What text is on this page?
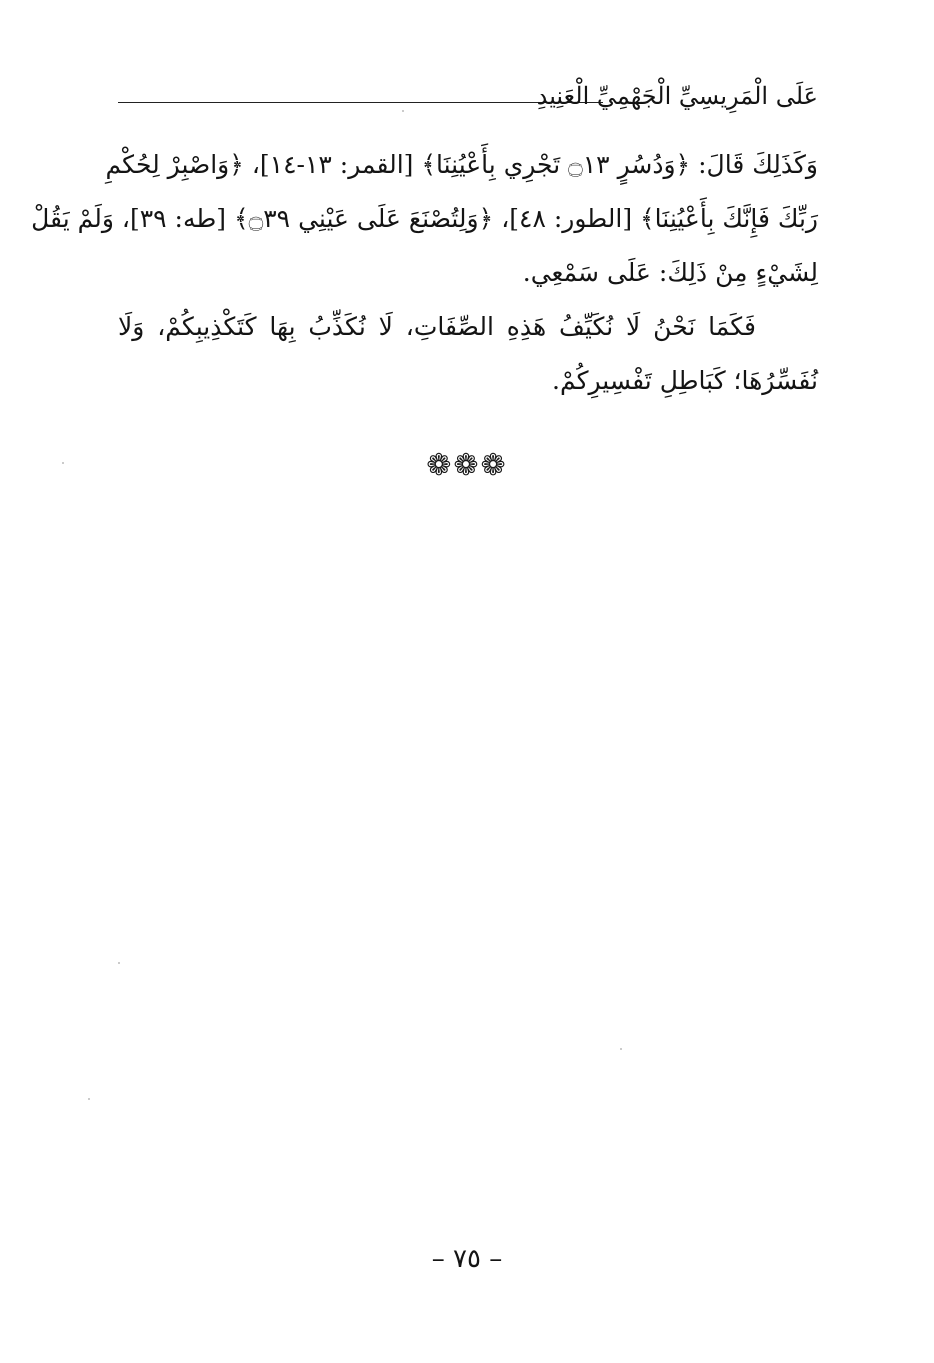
عَلَى الْمَرِيسِيِّ الْجَهْمِيِّ الْعَنِيدِ

وَكَذَلِكَ قَالَ: ﴿وَدُسُرٍ ۝١٣ تَجْرِي بِأَعْيُنِنَا﴾ [القمر: ١٣-١٤]، ﴿وَاصْبِرْ لِحُكْمِ
رَبِّكَ فَإِنَّكَ بِأَعْيُنِنَا﴾ [الطور: ٤٨]، ﴿وَلِتُصْنَعَ عَلَى عَيْنِي ۝٣٩﴾ [طه: ٣٩]، وَلَمْ يَقُلْ
لِشَيْءٍ مِنْ ذَلِكَ: عَلَى سَمْعِي.

فَكَمَا نَحْنُ لَا نُكَيِّفُ هَذِهِ الصِّفَاتِ، لَا نُكَذِّبُ بِهَا كَتَكْذِيبِكُمْ، وَلَا
نُفَسِّرُهَا؛ كَبَاطِلِ تَفْسِيرِكُمْ.

❁❁❁
– ٧٥ –
